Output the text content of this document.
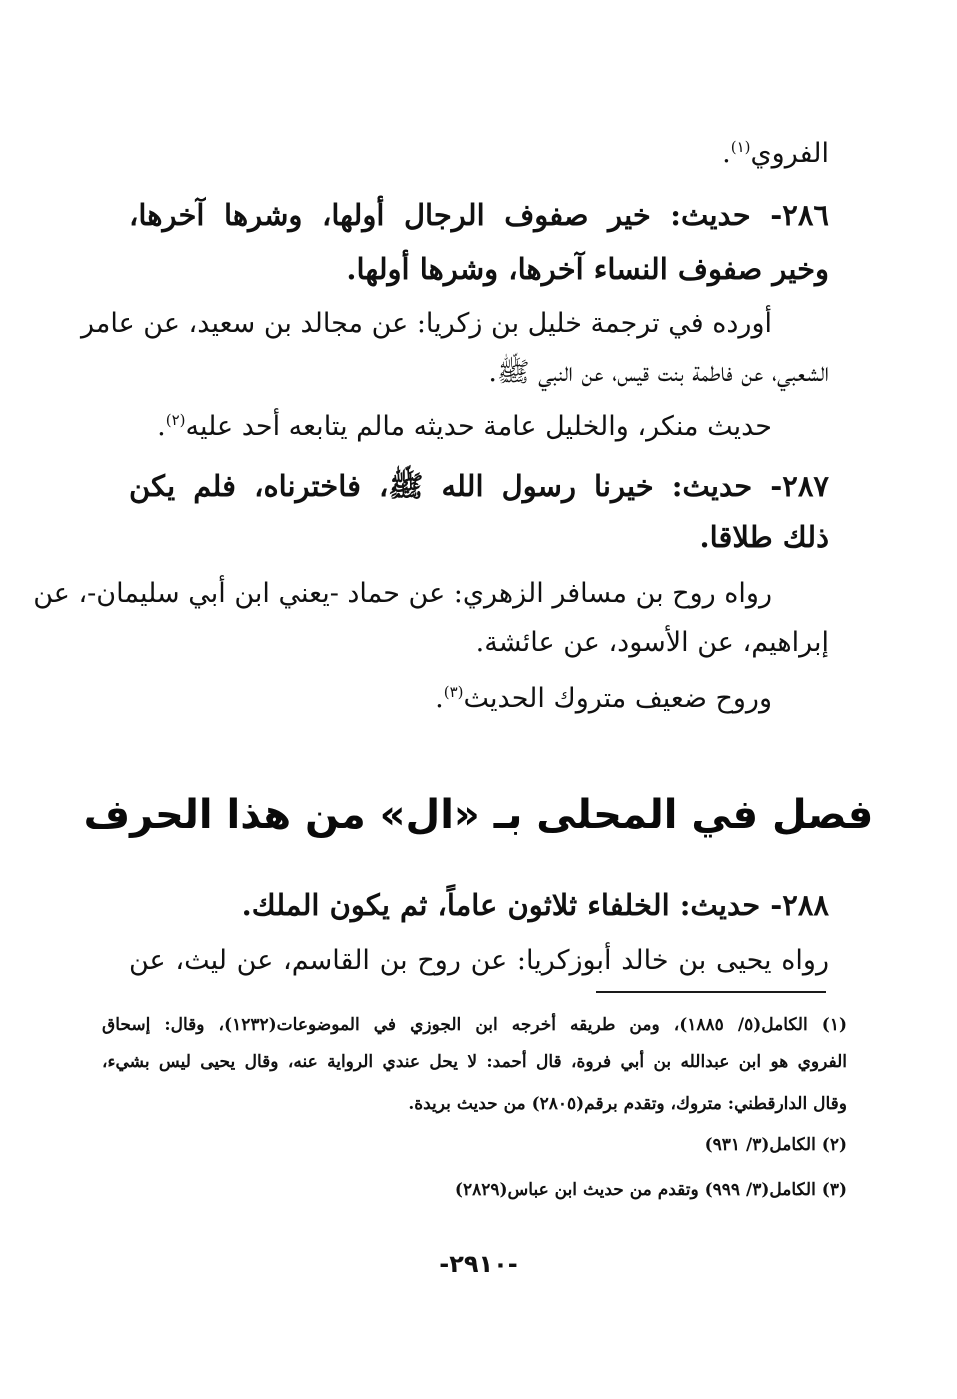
الفروي$^{(١)}$.
٢٨٦- حديث: خير صفوف الرجال أولها، وشرها آخرها،
وخير صفوف النساء آخرها، وشرها أولها.
أورده في ترجمة خليل بن زكريا: عن مجالد بن سعيد، عن عامر
الشعبي، عن فاطمة بنت قيس، عن النبي ﷺ.
حديث منكر، والخليل عامة حديثه مالم يتابعه أحد عليه$^{(٢)}$.
٢٨٧- حديث: خيرنا رسول الله ﷺ، فاخترناه، فلم يكن
ذلك طلاقا.
رواه روح بن مسافر الزهري: عن حماد -يعني ابن أبي سليمان-، عن
إبراهيم، عن الأسود، عن عائشة.
وروح ضعيف متروك الحديث$^{(٣)}$.
فصل في المحلى بـ «ال» من هذا الحرف
٢٨٨- حديث: الخلفاء ثلاثون عاماً، ثم يكون الملك.
رواه يحيى بن خالد أبوزكريا: عن روح بن القاسم، عن ليث، عن
(١) الكامل(٥/ ١٨٨٥)، ومن طريقه أخرجه ابن الجوزي في الموضوعات(١٢٣٢)، وقال: إسحاق
الفروي هو ابن عبدالله بن أبي فروة، قال أحمد: لا يحل عندي الرواية عنه، وقال يحيى ليس بشيء،
وقال الدارقطني: متروك، وتقدم برقم(٢٨٠٥) من حديث بريدة.
(٢) الكامل(٣/ ٩٣١)
(٣) الكامل(٣/ ٩٩٩) وتقدم من حديث ابن عباس(٢٨٢٩)
-٢٩١٠-
